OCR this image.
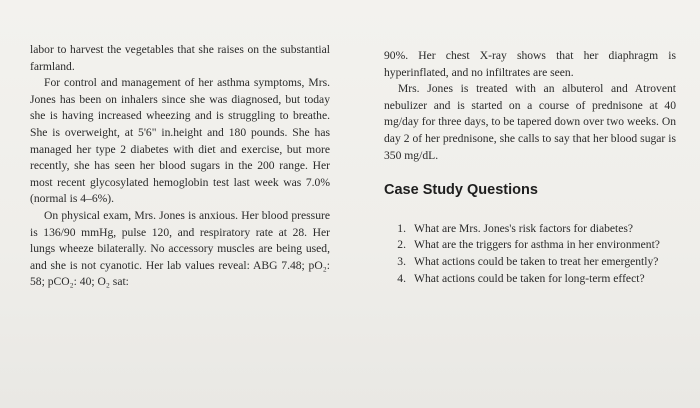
labor to harvest the vegetables that she raises on the substantial farmland.

For control and management of her asthma symptoms, Mrs. Jones has been on inhalers since she was diagnosed, but today she is having increased wheezing and is struggling to breathe. She is overweight, at 5'6" in.height and 180 pounds. She has managed her type 2 diabetes with diet and exercise, but more recently, she has seen her blood sugars in the 200 range. Her most recent glycosylated hemoglobin test last week was 7.0% (normal is 4–6%).

On physical exam, Mrs. Jones is anxious. Her blood pressure is 136/90 mmHg, pulse 120, and respiratory rate at 28. Her lungs wheeze bilaterally. No accessory muscles are being used, and she is not cyanotic. Her lab values reveal: ABG 7.48; pO₂: 58; pCO₂: 40; O₂ sat:

90%. Her chest X-ray shows that her diaphragm is hyperinflated, and no infiltrates are seen.

Mrs. Jones is treated with an albuterol and Atrovent nebulizer and is started on a course of prednisone at 40 mg/day for three days, to be tapered down over two weeks. On day 2 of her prednisone, she calls to say that her blood sugar is 350 mg/dL.

Case Study Questions
1. What are Mrs. Jones's risk factors for diabetes?
2. What are the triggers for asthma in her environment?
3. What actions could be taken to treat her emergently?
4. What actions could be taken for long-term effect?
